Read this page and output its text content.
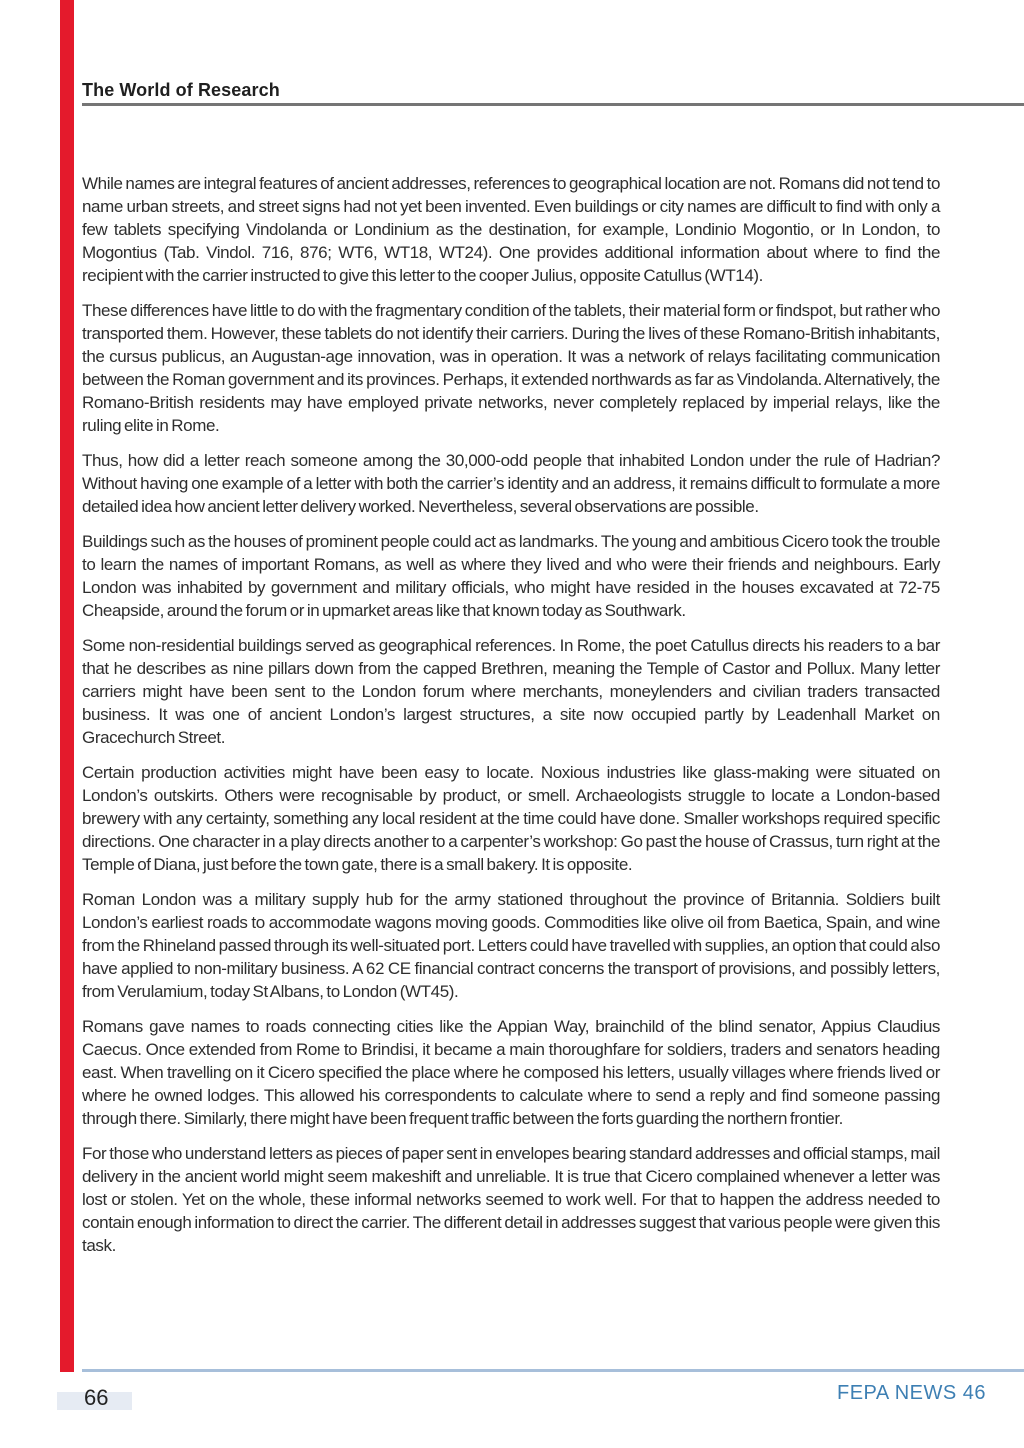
The World of Research

While names are integral features of ancient addresses, references to geographical location are not. Romans did not tend to name urban streets, and street signs had not yet been invented. Even buildings or city names are difficult to find with only a few tablets specifying Vindolanda or Londinium as the destination, for example, Londinio Mogontio, or In London, to Mogontius (Tab. Vindol. 716, 876; WT6, WT18, WT24). One provides additional information about where to find the recipient with the carrier instructed to give this letter to the cooper Julius, opposite Catullus (WT14).

These differences have little to do with the fragmentary condition of the tablets, their material form or findspot, but rather who transported them. However, these tablets do not identify their carriers. During the lives of these Romano-British inhabitants, the cursus publicus, an Augustan-age innovation, was in operation. It was a network of relays facilitating communication between the Roman government and its provinces. Perhaps, it extended northwards as far as Vindolanda. Alternatively, the Romano-British residents may have employed private networks, never completely replaced by imperial relays, like the ruling elite in Rome.

Thus, how did a letter reach someone among the 30,000-odd people that inhabited London under the rule of Hadrian? Without having one example of a letter with both the carrier’s identity and an address, it remains difficult to formulate a more detailed idea how ancient letter delivery worked. Nevertheless, several observations are possible.

Buildings such as the houses of prominent people could act as landmarks. The young and ambitious Cicero took the trouble to learn the names of important Romans, as well as where they lived and who were their friends and neighbours. Early London was inhabited by government and military officials, who might have resided in the houses excavated at 72-75 Cheapside, around the forum or in upmarket areas like that known today as Southwark.

Some non-residential buildings served as geographical references. In Rome, the poet Catullus directs his readers to a bar that he describes as nine pillars down from the capped Brethren, meaning the Temple of Castor and Pollux. Many letter carriers might have been sent to the London forum where merchants, moneylenders and civilian traders transacted business. It was one of ancient London’s largest structures, a site now occupied partly by Leadenhall Market on Gracechurch Street.

Certain production activities might have been easy to locate. Noxious industries like glass-making were situated on London’s outskirts. Others were recognisable by product, or smell. Archaeologists struggle to locate a London-based brewery with any certainty, something any local resident at the time could have done. Smaller workshops required specific directions. One character in a play directs another to a carpenter’s workshop: Go past the house of Crassus, turn right at the Temple of Diana, just before the town gate, there is a small bakery. It is opposite.

Roman London was a military supply hub for the army stationed throughout the province of Britannia. Soldiers built London’s earliest roads to accommodate wagons moving goods. Commodities like olive oil from Baetica, Spain, and wine from the Rhineland passed through its well-situated port. Letters could have travelled with supplies, an option that could also have applied to non-military business. A 62 CE financial contract concerns the transport of provisions, and possibly letters, from Verulamium, today St Albans, to London (WT45).

Romans gave names to roads connecting cities like the Appian Way, brainchild of the blind senator, Appius Claudius Caecus. Once extended from Rome to Brindisi, it became a main thoroughfare for soldiers, traders and senators heading east. When travelling on it Cicero specified the place where he composed his letters, usually villages where friends lived or where he owned lodges. This allowed his correspondents to calculate where to send a reply and find someone passing through there. Similarly, there might have been frequent traffic between the forts guarding the northern frontier.

For those who understand letters as pieces of paper sent in envelopes bearing standard addresses and official stamps, mail delivery in the ancient world might seem makeshift and unreliable. It is true that Cicero complained whenever a letter was lost or stolen. Yet on the whole, these informal networks seemed to work well. For that to happen the address needed to contain enough information to direct the carrier. The different detail in addresses suggest that various people were given this task.

66	FEPA NEWS 46
